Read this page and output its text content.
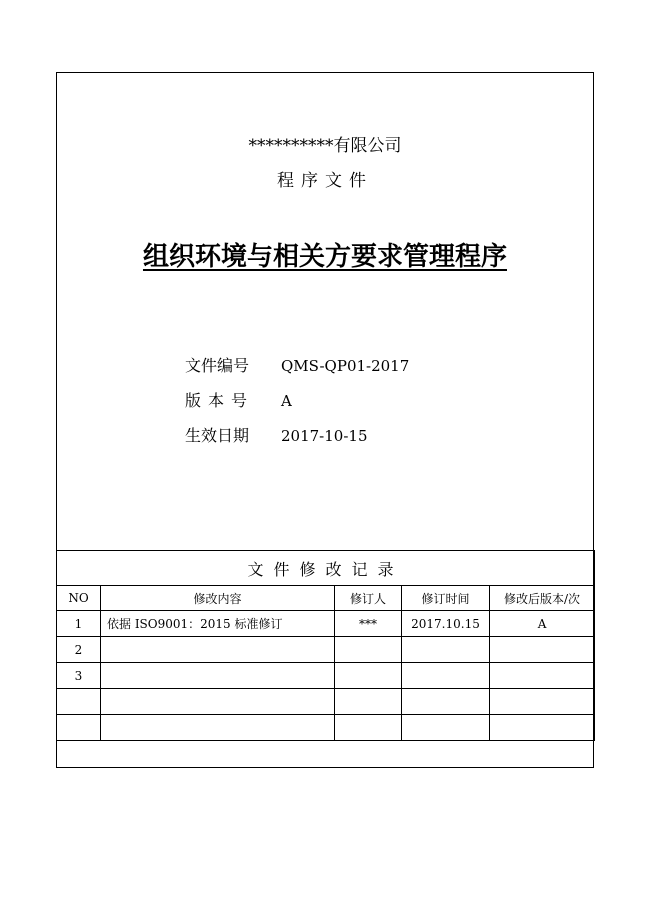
**********有限公司
程序文件
组织环境与相关方要求管理程序
文件编号 QMS-QP01-2017
版本号 A
生效日期 2017-10-15
文件修改记录				
NO	修改内容	修订人	修订时间	修改后版本/次
1	依据 ISO9001：2015 标准修订	***	2017.10.15	A
2				
3				
